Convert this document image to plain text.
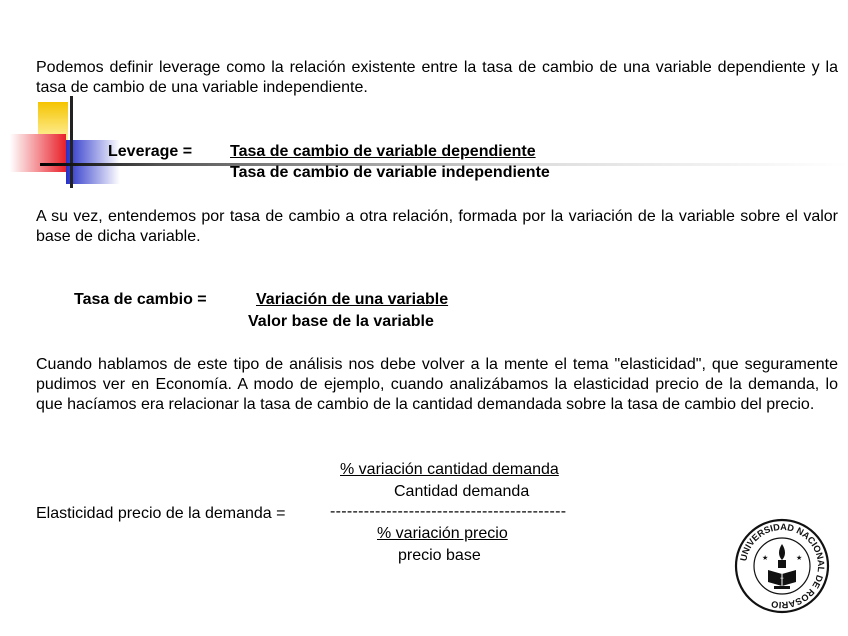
Podemos definir leverage como la relación existente entre la tasa de cambio de una variable dependiente y la tasa de cambio de una variable independiente.
Leverage = Tasa de cambio de variable dependiente
Tasa de cambio de variable independiente
A su vez, entendemos por tasa de cambio a otra relación, formada por la variación de la variable sobre el valor base de dicha variable.
Tasa de cambio =	Variación de una variable
Valor base de la variable
Cuando hablamos de este tipo de análisis nos debe volver a la mente el tema "elasticidad", que seguramente pudimos ver en Economía. A modo de ejemplo, cuando analizábamos la elasticidad precio de la demanda, lo que hacíamos era relacionar la tasa de cambio de la cantidad demandada sobre la tasa de cambio del precio.
% variación cantidad demanda
Cantidad demanda
Elasticidad precio de la demanda =	------------------------------------------
% variación precio
precio base	UNIVERSIDAD NACIONAL DE ROSARIO
†
★	★
